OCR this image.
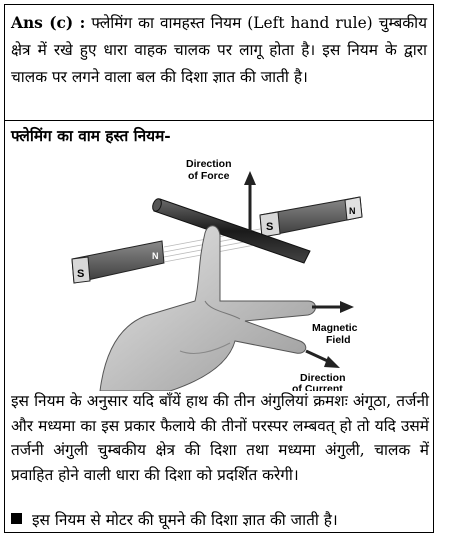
Ans (c) : फ्लेमिंग का वामहस्त नियम (Left hand rule) चुम्बकीय क्षेत्र में रखे हुए धारा वाहक चालक पर लागू होता है। इस नियम के द्वारा चालक पर लगने वाला बल की दिशा ज्ञात की जाती है।

फ्लेमिंग का वाम हस्त नियम-
S
N
S
N
Direction
of Force
Magnetic
Field
Direction
of Current
इस नियम के अनुसार यदि बाँयें हाथ की तीन अंगुलियां क्रमशः अंगूठा, तर्जनी और मध्यमा का इस प्रकार फैलाये की तीनों परस्पर लम्बवत् हो तो यदि उसमें तर्जनी अंगुली चुम्बकीय क्षेत्र की दिशा तथा मध्यमा अंगुली, चालक में प्रवाहित होने वाली धारा की दिशा को प्रदर्शित करेगी।
इस नियम से मोटर की घूमने की दिशा ज्ञात की जाती है।
